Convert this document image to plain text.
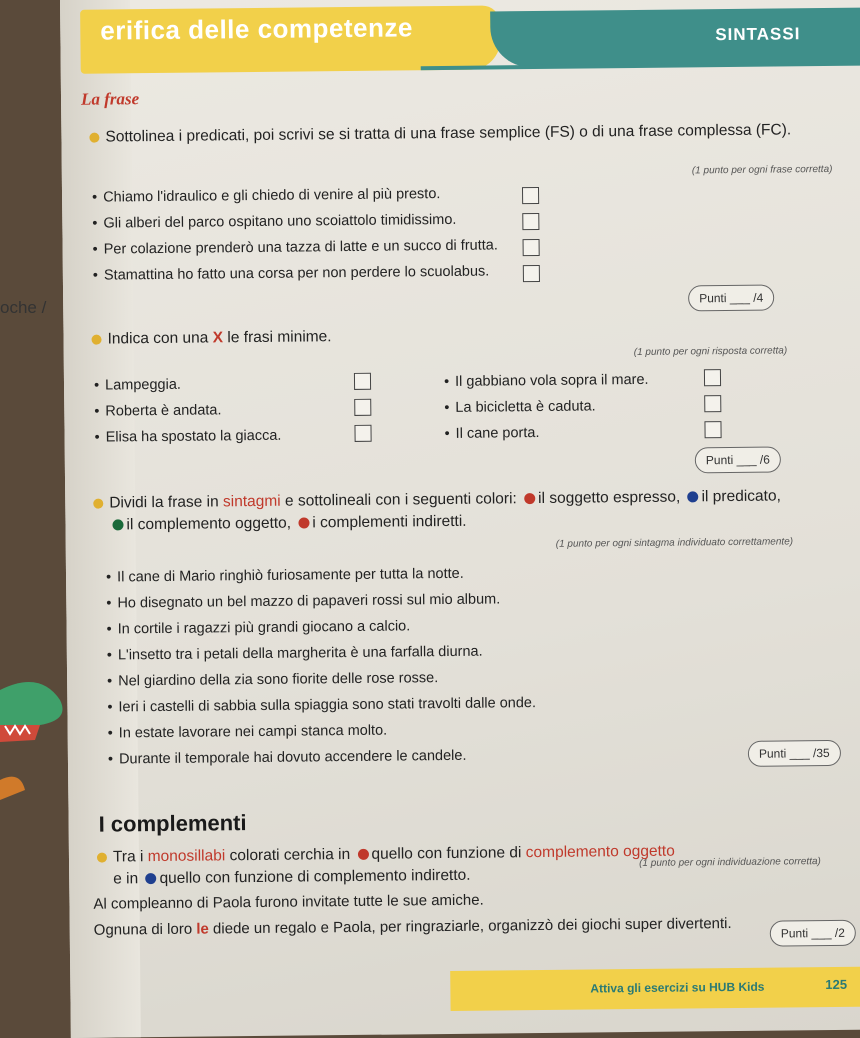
oche /
erifica delle competenze	SINTASSI
La frase
Sottolinea i predicati, poi scrivi se si tratta di una frase semplice (FS) o di una frase complessa (FC).
(1 punto per ogni frase corretta)
• Chiamo l'idraulico e gli chiedo di venire al più presto.
• Gli alberi del parco ospitano uno scoiattolo timidissimo.
• Per colazione prenderò una tazza di latte e un succo di frutta.
• Stamattina ho fatto una corsa per non perdere lo scuolabus.
Punti ___ /4
Indica con una X le frasi minime.
(1 punto per ogni risposta corretta)
• Lampeggia.
• Roberta è andata.
• Elisa ha spostato la giacca.
• Il gabbiano vola sopra il mare.
• La bicicletta è caduta.
• Il cane porta.
Punti ___ /6
Dividi la frase in sintagmi e sottolineali con i seguenti colori: il soggetto espresso, il predicato,
il complemento oggetto, i complementi indiretti.
(1 punto per ogni sintagma individuato correttamente)
• Il cane di Mario ringhiò furiosamente per tutta la notte.
• Ho disegnato un bel mazzo di papaveri rossi sul mio album.
• In cortile i ragazzi più grandi giocano a calcio.
• L'insetto tra i petali della margherita è una farfalla diurna.
• Nel giardino della zia sono fiorite delle rose rosse.
• Ieri i castelli di sabbia sulla spiaggia sono stati travolti dalle onde.
• In estate lavorare nei campi stanca molto.
• Durante il temporale hai dovuto accendere le candele.	Punti ___ /35
I complementi
Tra i monosillabi colorati cerchia in quello con funzione di complemento oggetto
e in quello con funzione di complemento indiretto.
(1 punto per ogni individuazione corretta)
Al compleanno di Paola furono invitate tutte le sue amiche.
Ognuna di loro le diede un regalo e Paola, per ringraziarle, organizzò dei giochi super divertenti.	Punti ___ /2
Attiva gli esercizi su HUB Kids	125
